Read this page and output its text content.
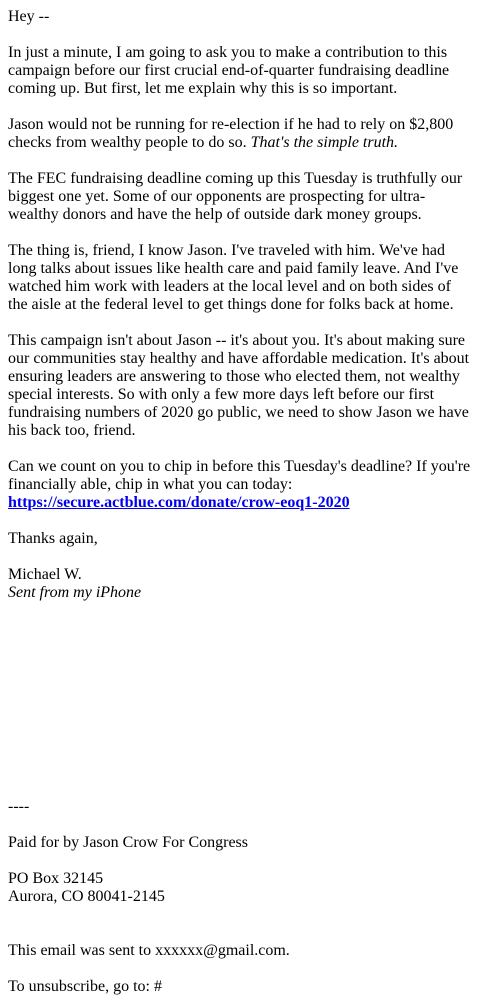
Hey --

In just a minute, I am going to ask you to make a contribution to this campaign before our first crucial end-of-quarter fundraising deadline coming up. But first, let me explain why this is so important.

Jason would not be running for re-election if he had to rely on $2,800 checks from wealthy people to do so. That's the simple truth.

The FEC fundraising deadline coming up this Tuesday is truthfully our biggest one yet. Some of our opponents are prospecting for ultra-wealthy donors and have the help of outside dark money groups.

The thing is, friend, I know Jason. I've traveled with him. We've had long talks about issues like health care and paid family leave. And I've watched him work with leaders at the local level and on both sides of the aisle at the federal level to get things done for folks back at home.

This campaign isn't about Jason -- it's about you. It's about making sure our communities stay healthy and have affordable medication. It's about ensuring leaders are answering to those who elected them, not wealthy special interests. So with only a few more days left before our first fundraising numbers of 2020 go public, we need to show Jason we have his back too, friend.

Can we count on you to chip in before this Tuesday's deadline? If you're financially able, chip in what you can today:

https://secure.actblue.com/donate/crow-eoq1-2020

Thanks again,

Michael W.

Sent from my iPhone

----

Paid for by Jason Crow For Congress

PO Box 32145

Aurora, CO 80041-2145

This email was sent to xxxxxx@gmail.com.

To unsubscribe, go to: #
